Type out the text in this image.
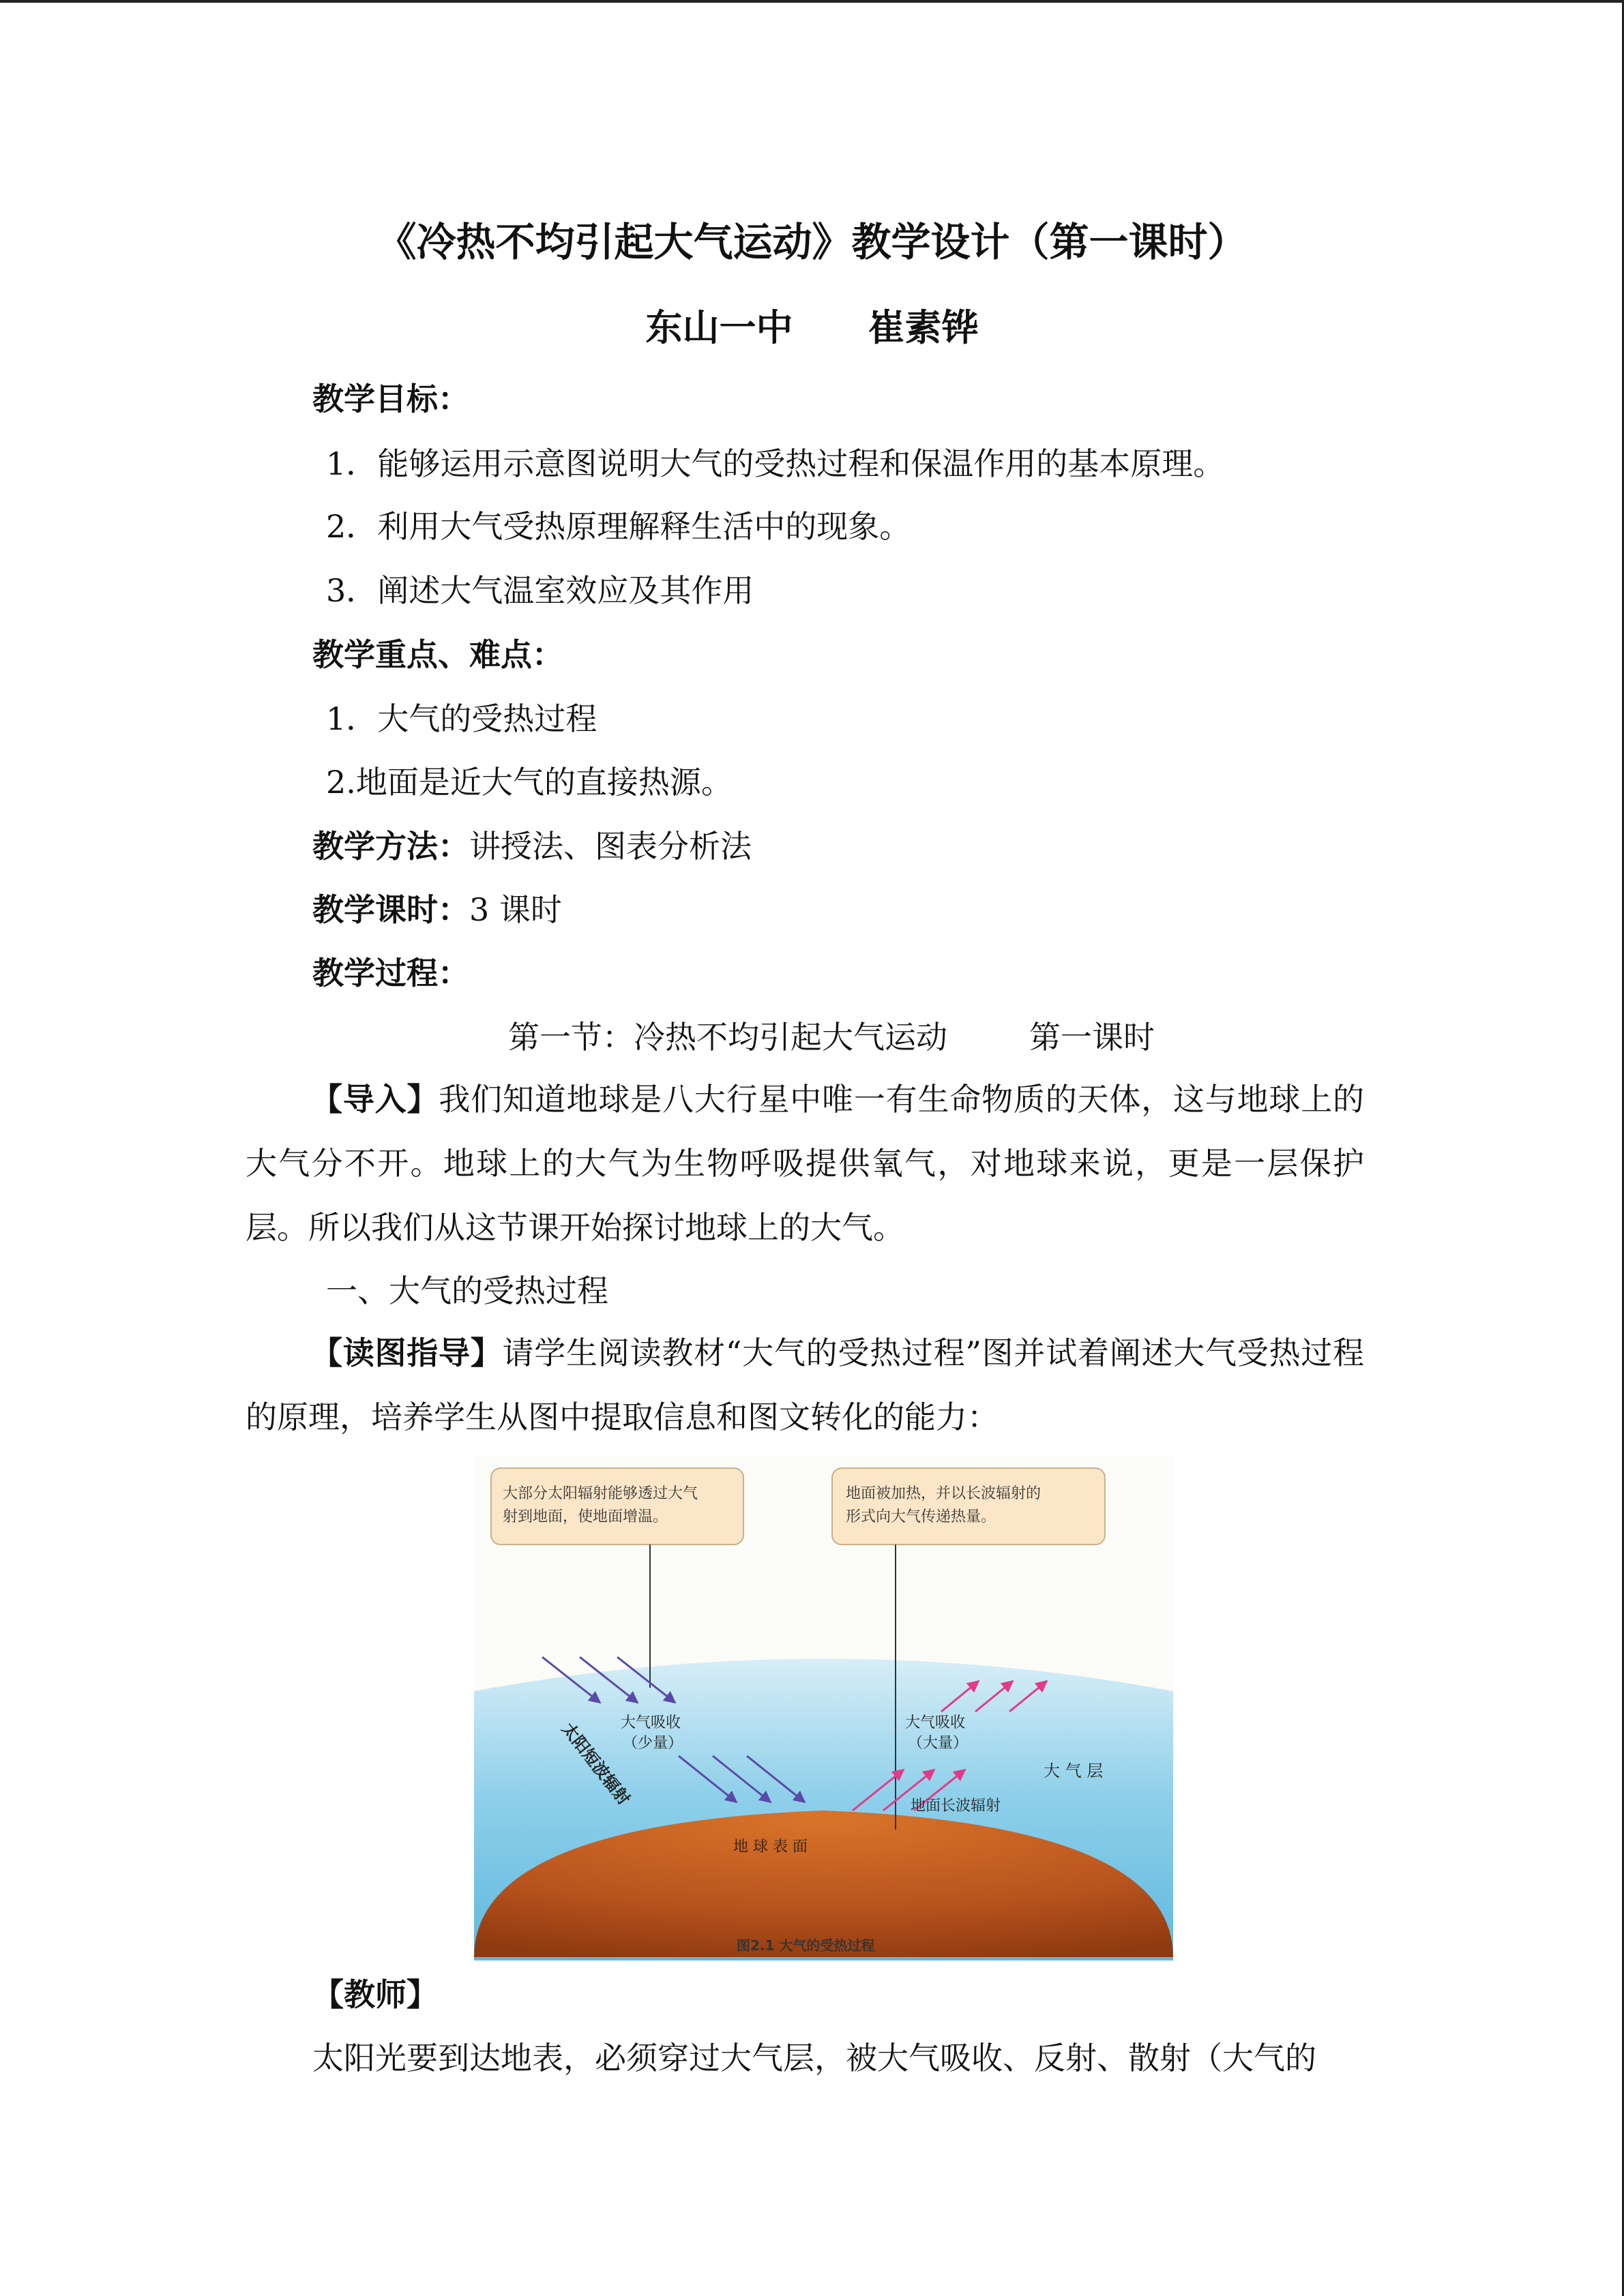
《冷热不均引起大气运动》教学设计（第一课时）
东山一中 崔素铧
教学目标：
1．能够运用示意图说明大气的受热过程和保温作用的基本原理。
2．利用大气受热原理解释生活中的现象。
3．阐述大气温室效应及其作用
教学重点、难点：
1．大气的受热过程
2.地面是近大气的直接热源。
教学方法：讲授法、图表分析法
教学课时：3 课时
教学过程：
第一节：冷热不均引起大气运动	第一课时
【导入】我们知道地球是八大行星中唯一有生命物质的天体，这与地球上的大气分不开。地球上的大气为生物呼吸提供氧气，对地球来说，更是一层保护层。所以我们从这节课开始探讨地球上的大气。
一、大气的受热过程
【读图指导】请学生阅读教材“大气的受热过程”图并试着阐述大气受热过程的原理，培养学生从图中提取信息和图文转化的能力：
大部分太阳辐射能够透过大气 射到地面，使地面增温。
地面被加热，并以长波辐射的 形式向大气传递热量。
大气吸收
（少量）
大气吸收
（大量）
太阳短波辐射	大 气 层
地面长波辐射
地 球 表 面
图2.1 大气的受热过程
【教师】
太阳光要到达地表，必须穿过大气层，被大气吸收、反射、散射（大气的
